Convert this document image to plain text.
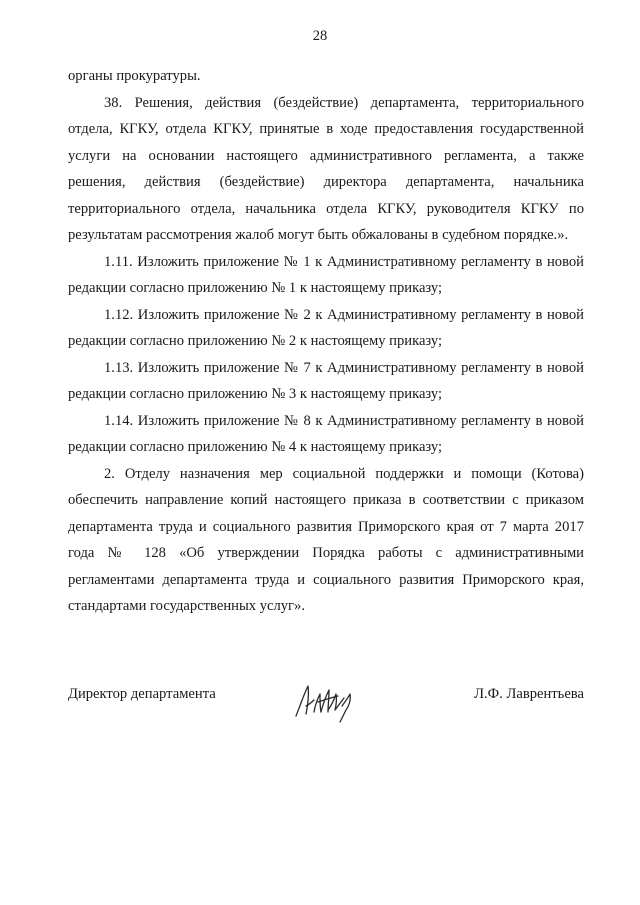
28

органы прокуратуры.

38. Решения, действия (бездействие) департамента, территориального отдела, КГКУ, отдела КГКУ, принятые в ходе предоставления государственной услуги на основании настоящего административного регламента, а также решения, действия (бездействие) директора департамента, начальника территориального отдела, начальника отдела КГКУ, руководителя КГКУ по результатам рассмотрения жалоб могут быть обжалованы в судебном порядке.».

1.11. Изложить приложение № 1 к Административному регламенту в новой редакции согласно приложению № 1 к настоящему приказу;

1.12. Изложить приложение № 2 к Административному регламенту в новой редакции согласно приложению № 2 к настоящему приказу;

1.13. Изложить приложение № 7 к Административному регламенту в новой редакции согласно приложению № 3 к настоящему приказу;

1.14. Изложить приложение № 8 к Административному регламенту в новой редакции согласно приложению № 4 к настоящему приказу;

2. Отделу назначения мер социальной поддержки и помощи (Котова) обеспечить направление копий настоящего приказа в соответствии с приказом департамента труда и социального развития Приморского края от 7 марта 2017 года № 128 «Об утверждении Порядка работы с административными регламентами департамента труда и социального развития Приморского края, стандартами государственных услуг».

Директор департамента	Л.Ф. Лаврентьева
